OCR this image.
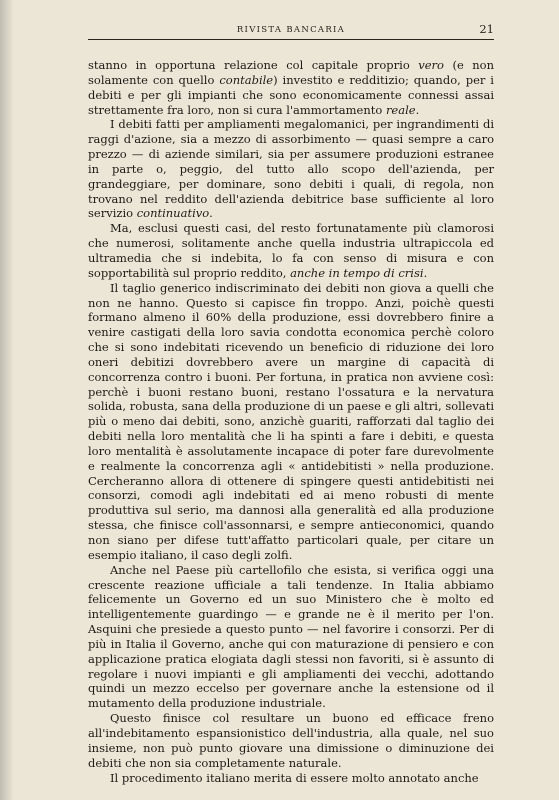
RIVISTA BANCARIA	21

stanno in opportuna relazione col capitale proprio vero (e non solamente con quello contabile) investito e redditizio; quando, per i debiti e per gli impianti che sono economicamente connessi assai strettamente fra loro, non si cura l'ammortamento reale.

I debiti fatti per ampliamenti megalomanici, per ingrandimenti di raggi d'azione, sia a mezzo di assorbimento — quasi sempre a caro prezzo — di aziende similari, sia per assumere produzioni estranee in parte o, peggio, del tutto allo scopo dell'azienda, per grandeggiare, per dominare, sono debiti i quali, di regola, non trovano nel reddito dell'azienda debitrice base sufficiente al loro servizio continuativo.

Ma, esclusi questi casi, del resto fortunatamente più clamorosi che numerosi, solitamente anche quella industria ultrapiccola ed ultramedia che si indebita, lo fa con senso di misura e con sopportabilità sul proprio reddito, anche in tempo di crisi.

Il taglio generico indiscriminato dei debiti non giova a quelli che non ne hanno. Questo si capisce fin troppo. Anzi, poichè questi formano almeno il 60% della produzione, essi dovrebbero finire a venire castigati della loro savia condotta economica perchè coloro che si sono indebitati ricevendo un beneficio di riduzione dei loro oneri debitizi dovrebbero avere un margine di capacità di concorrenza contro i buoni. Per fortuna, in pratica non avviene così: perchè i buoni restano buoni, restano l'ossatura e la nervatura solida, robusta, sana della produzione di un paese e gli altri, sollevati più o meno dai debiti, sono, anzichè guariti, rafforzati dal taglio dei debiti nella loro mentalità che li ha spinti a fare i debiti, e questa loro mentalità è assolutamente incapace di poter fare durevolmente e realmente la concorrenza agli « antidebitisti » nella produzione. Cercheranno allora di ottenere di spingere questi antidebitisti nei consorzi, comodi agli indebitati ed ai meno robusti di mente produttiva sul serio, ma dannosi alla generalità ed alla produzione stessa, che finisce coll'assonnarsi, e sempre antieconomici, quando non siano per difese tutt'affatto particolari quale, per citare un esempio italiano, il caso degli zolfi.

Anche nel Paese più cartellofilo che esista, si verifica oggi una crescente reazione ufficiale a tali tendenze. In Italia abbiamo felicemente un Governo ed un suo Ministero che è molto ed intelligentemente guardingo — e grande ne è il merito per l'on. Asquini che presiede a questo punto — nel favorire i consorzi. Per di più in Italia il Governo, anche qui con maturazione di pensiero e con applicazione pratica elogiata dagli stessi non favoriti, si è assunto di regolare i nuovi impianti e gli ampliamenti dei vecchi, adottando quindi un mezzo eccelso per governare anche la estensione od il mutamento della produzione industriale.

Questo finisce col resultare un buono ed efficace freno all'indebitamento espansionistico dell'industria, alla quale, nel suo insieme, non può punto giovare una dimissione o diminuzione dei debiti che non sia completamente naturale.

Il procedimento italiano merita di essere molto annotato anche
